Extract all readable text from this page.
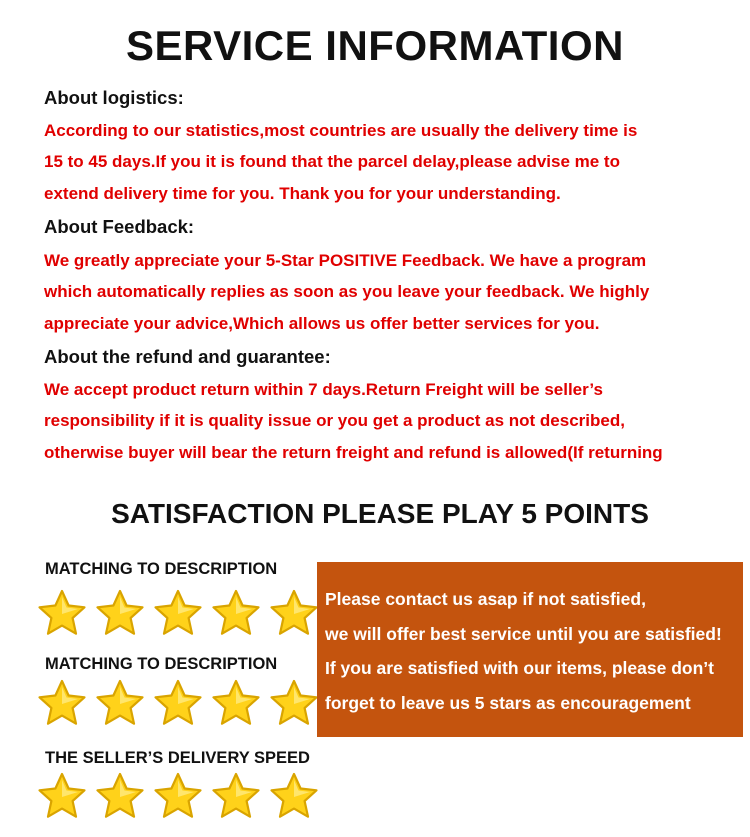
SERVICE INFORMATION
About logistics:
According to our statistics,most countries are usually the delivery time is
15 to 45 days.If you it is found that the parcel delay,please advise me to
extend delivery time for you. Thank you for your understanding.
About Feedback:
We greatly appreciate your 5-Star POSITIVE Feedback. We have a program
which automatically replies as soon as you leave your feedback. We highly
appreciate your advice,Which allows us offer better services for you.
About the refund and guarantee:
We accept product return within 7 days.Return Freight will be seller’s
responsibility if it is quality issue or you get a product as not described,
otherwise buyer will bear the return freight and refund is allowed(If returning
SATISFACTION PLEASE PLAY 5 POINTS
MATCHING TO DESCRIPTION
MATCHING TO DESCRIPTION
THE SELLER’S DELIVERY SPEED
Please contact us asap if not satisfied,
we will offer best service until you are satisfied!
If you are satisfied with our items, please don’t
forget to leave us 5 stars as encouragement
